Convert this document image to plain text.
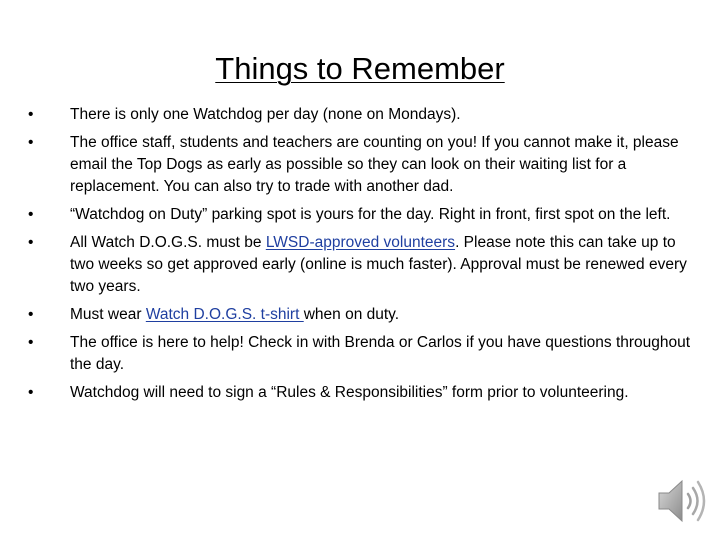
Things to Remember
•	There is only one Watchdog per day (none on Mondays).
•	The office staff, students and teachers are counting on you! If you cannot make it, please email the Top Dogs as early as possible so they can look on their waiting list for a replacement. You can also try to trade with another dad.
•	“Watchdog on Duty” parking spot is yours for the day. Right in front, first spot on the left.
•	All Watch D.O.G.S. must be LWSD-approved volunteers. Please note this can take up to two weeks so get approved early (online is much faster). Approval must be renewed every two years.
•	Must wear Watch D.O.G.S. t-shirt when on duty.
•	The office is here to help! Check in with Brenda or Carlos if you have questions throughout the day.
•	Watchdog will need to sign a “Rules & Responsibilities” form prior to volunteering.
